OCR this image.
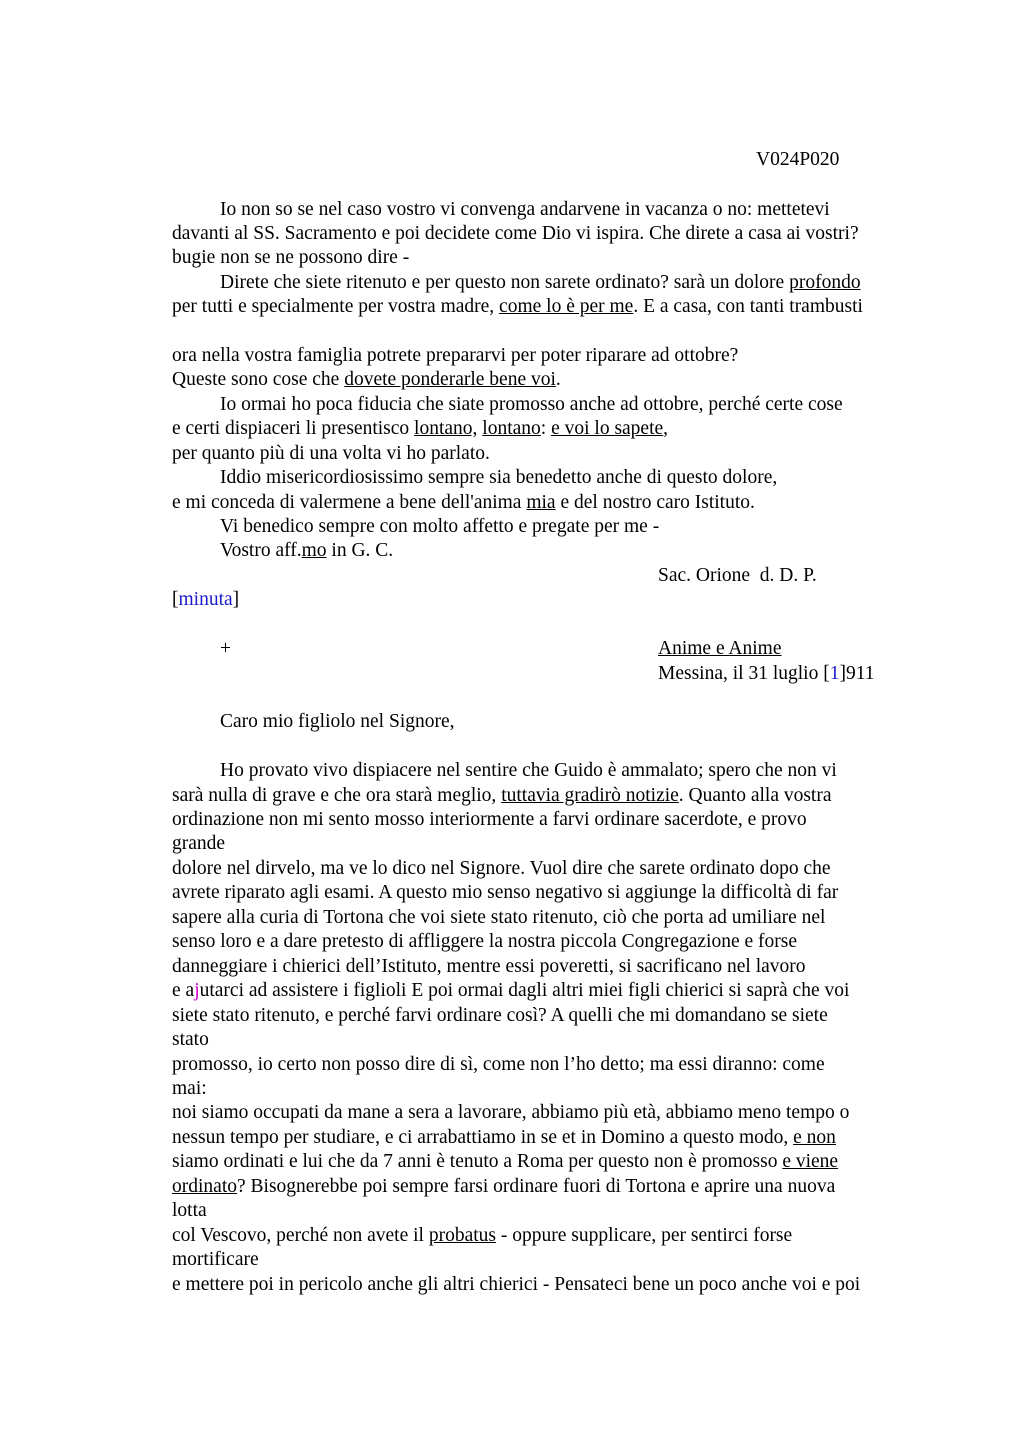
V024P020
Io non so se nel caso vostro vi convenga andarvene in vacanza o no: mettetevi
davanti al SS. Sacramento e poi decidete come Dio vi ispira. Che direte a casa ai vostri?
bugie non se ne possono dire -
Direte che siete ritenuto e per questo non sarete ordinato? sarà un dolore profondo
per tutti e specialmente per vostra madre, come lo è per me. E a casa, con tanti trambusti
ora nella vostra famiglia potrete prepararvi per poter riparare ad ottobre?
Queste sono cose che dovete ponderarle bene voi.
Io ormai ho poca fiducia che siate promosso anche ad ottobre, perché certe cose
e certi dispiaceri li presentisco lontano, lontano: e voi lo sapete,
per quanto più di una volta vi ho parlato.
Iddio misericordiosissimo sempre sia benedetto anche di questo dolore,
e mi conceda di valermene a bene dell'anima mia e del nostro caro Istituto.
Vi benedico sempre con molto affetto e pregate per me -
Vostro aff.mo in G. C.
Sac. Orione  d. D. P.
[minuta]
+	Anime e Anime
Messina, il 31 luglio [1]911
Caro mio figliolo nel Signore,
Ho provato vivo dispiacere nel sentire che Guido è ammalato; spero che non vi
sarà nulla di grave e che ora starà meglio, tuttavia gradirò notizie. Quanto alla vostra
ordinazione non mi sento mosso interiormente a farvi ordinare sacerdote, e provo
grande
dolore nel dirvelo, ma ve lo dico nel Signore. Vuol dire che sarete ordinato dopo che
avrete riparato agli esami. A questo mio senso negativo si aggiunge la difficoltà di far
sapere alla curia di Tortona che voi siete stato ritenuto, ciò che porta ad umiliare nel
senso loro e a dare pretesto di affliggere la nostra piccola Congregazione e forse
danneggiare i chierici dell’Istituto, mentre essi poveretti, si sacrificano nel lavoro
e ajutarci ad assistere i figlioli E poi ormai dagli altri miei figli chierici si saprà che voi
siete stato ritenuto, e perché farvi ordinare così? A quelli che mi domandano se siete
stato
promosso, io certo non posso dire di sì, come non l’ho detto; ma essi diranno: come
mai:
noi siamo occupati da mane a sera a lavorare, abbiamo più età, abbiamo meno tempo o
nessun tempo per studiare, e ci arrabattiamo in se et in Domino a questo modo, e non
siamo ordinati e lui che da 7 anni è tenuto a Roma per questo non è promosso e viene
ordinato? Bisognerebbe poi sempre farsi ordinare fuori di Tortona e aprire una nuova
lotta
col Vescovo, perché non avete il probatus - oppure supplicare, per sentirci forse
mortificare
e mettere poi in pericolo anche gli altri chierici - Pensateci bene un poco anche voi e poi
